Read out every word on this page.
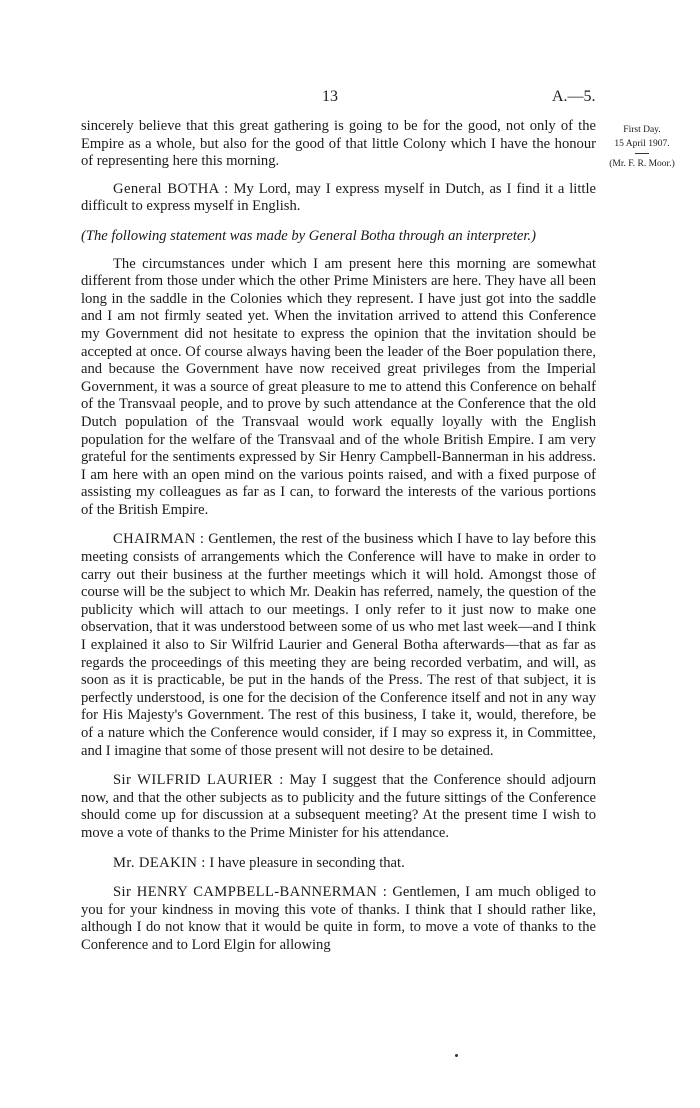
13	A.—5.
First Day.
15 April 1907.
(Mr. F. R. Moor.)

sincerely believe that this great gathering is going to be for the good, not only of the Empire as a whole, but also for the good of that little Colony which I have the honour of representing here this morning.

General BOTHA : My Lord, may I express myself in Dutch, as I find it a little difficult to express myself in English.

(The following statement was made by General Botha through an interpreter.)

The circumstances under which I am present here this morning are somewhat different from those under which the other Prime Ministers are here. They have all been long in the saddle in the Colonies which they represent. I have just got into the saddle and I am not firmly seated yet. When the invitation arrived to attend this Conference my Government did not hesitate to express the opinion that the invitation should be accepted at once. Of course always having been the leader of the Boer population there, and because the Government have now received great privileges from the Imperial Government, it was a source of great pleasure to me to attend this Conference on behalf of the Transvaal people, and to prove by such attendance at the Conference that the old Dutch population of the Transvaal would work equally loyally with the English population for the welfare of the Transvaal and of the whole British Empire. I am very grateful for the sentiments expressed by Sir Henry Campbell-Bannerman in his address. I am here with an open mind on the various points raised, and with a fixed purpose of assisting my colleagues as far as I can, to forward the interests of the various portions of the British Empire.

CHAIRMAN : Gentlemen, the rest of the business which I have to lay before this meeting consists of arrangements which the Conference will have to make in order to carry out their business at the further meetings which it will hold. Amongst those of course will be the subject to which Mr. Deakin has referred, namely, the question of the publicity which will attach to our meetings. I only refer to it just now to make one observation, that it was understood between some of us who met last week—and I think I explained it also to Sir Wilfrid Laurier and General Botha afterwards—that as far as regards the proceedings of this meeting they are being recorded verbatim, and will, as soon as it is practicable, be put in the hands of the Press. The rest of that subject, it is perfectly understood, is one for the decision of the Conference itself and not in any way for His Majesty's Government. The rest of this business, I take it, would, therefore, be of a nature which the Conference would consider, if I may so express it, in Committee, and I imagine that some of those present will not desire to be detained.

Sir WILFRID LAURIER : May I suggest that the Conference should adjourn now, and that the other subjects as to publicity and the future sittings of the Conference should come up for discussion at a subsequent meeting? At the present time I wish to move a vote of thanks to the Prime Minister for his attendance.

Mr. DEAKIN : I have pleasure in seconding that.

Sir HENRY CAMPBELL-BANNERMAN : Gentlemen, I am much obliged to you for your kindness in moving this vote of thanks. I think that I should rather like, although I do not know that it would be quite in form, to move a vote of thanks to the Conference and to Lord Elgin for allowing
